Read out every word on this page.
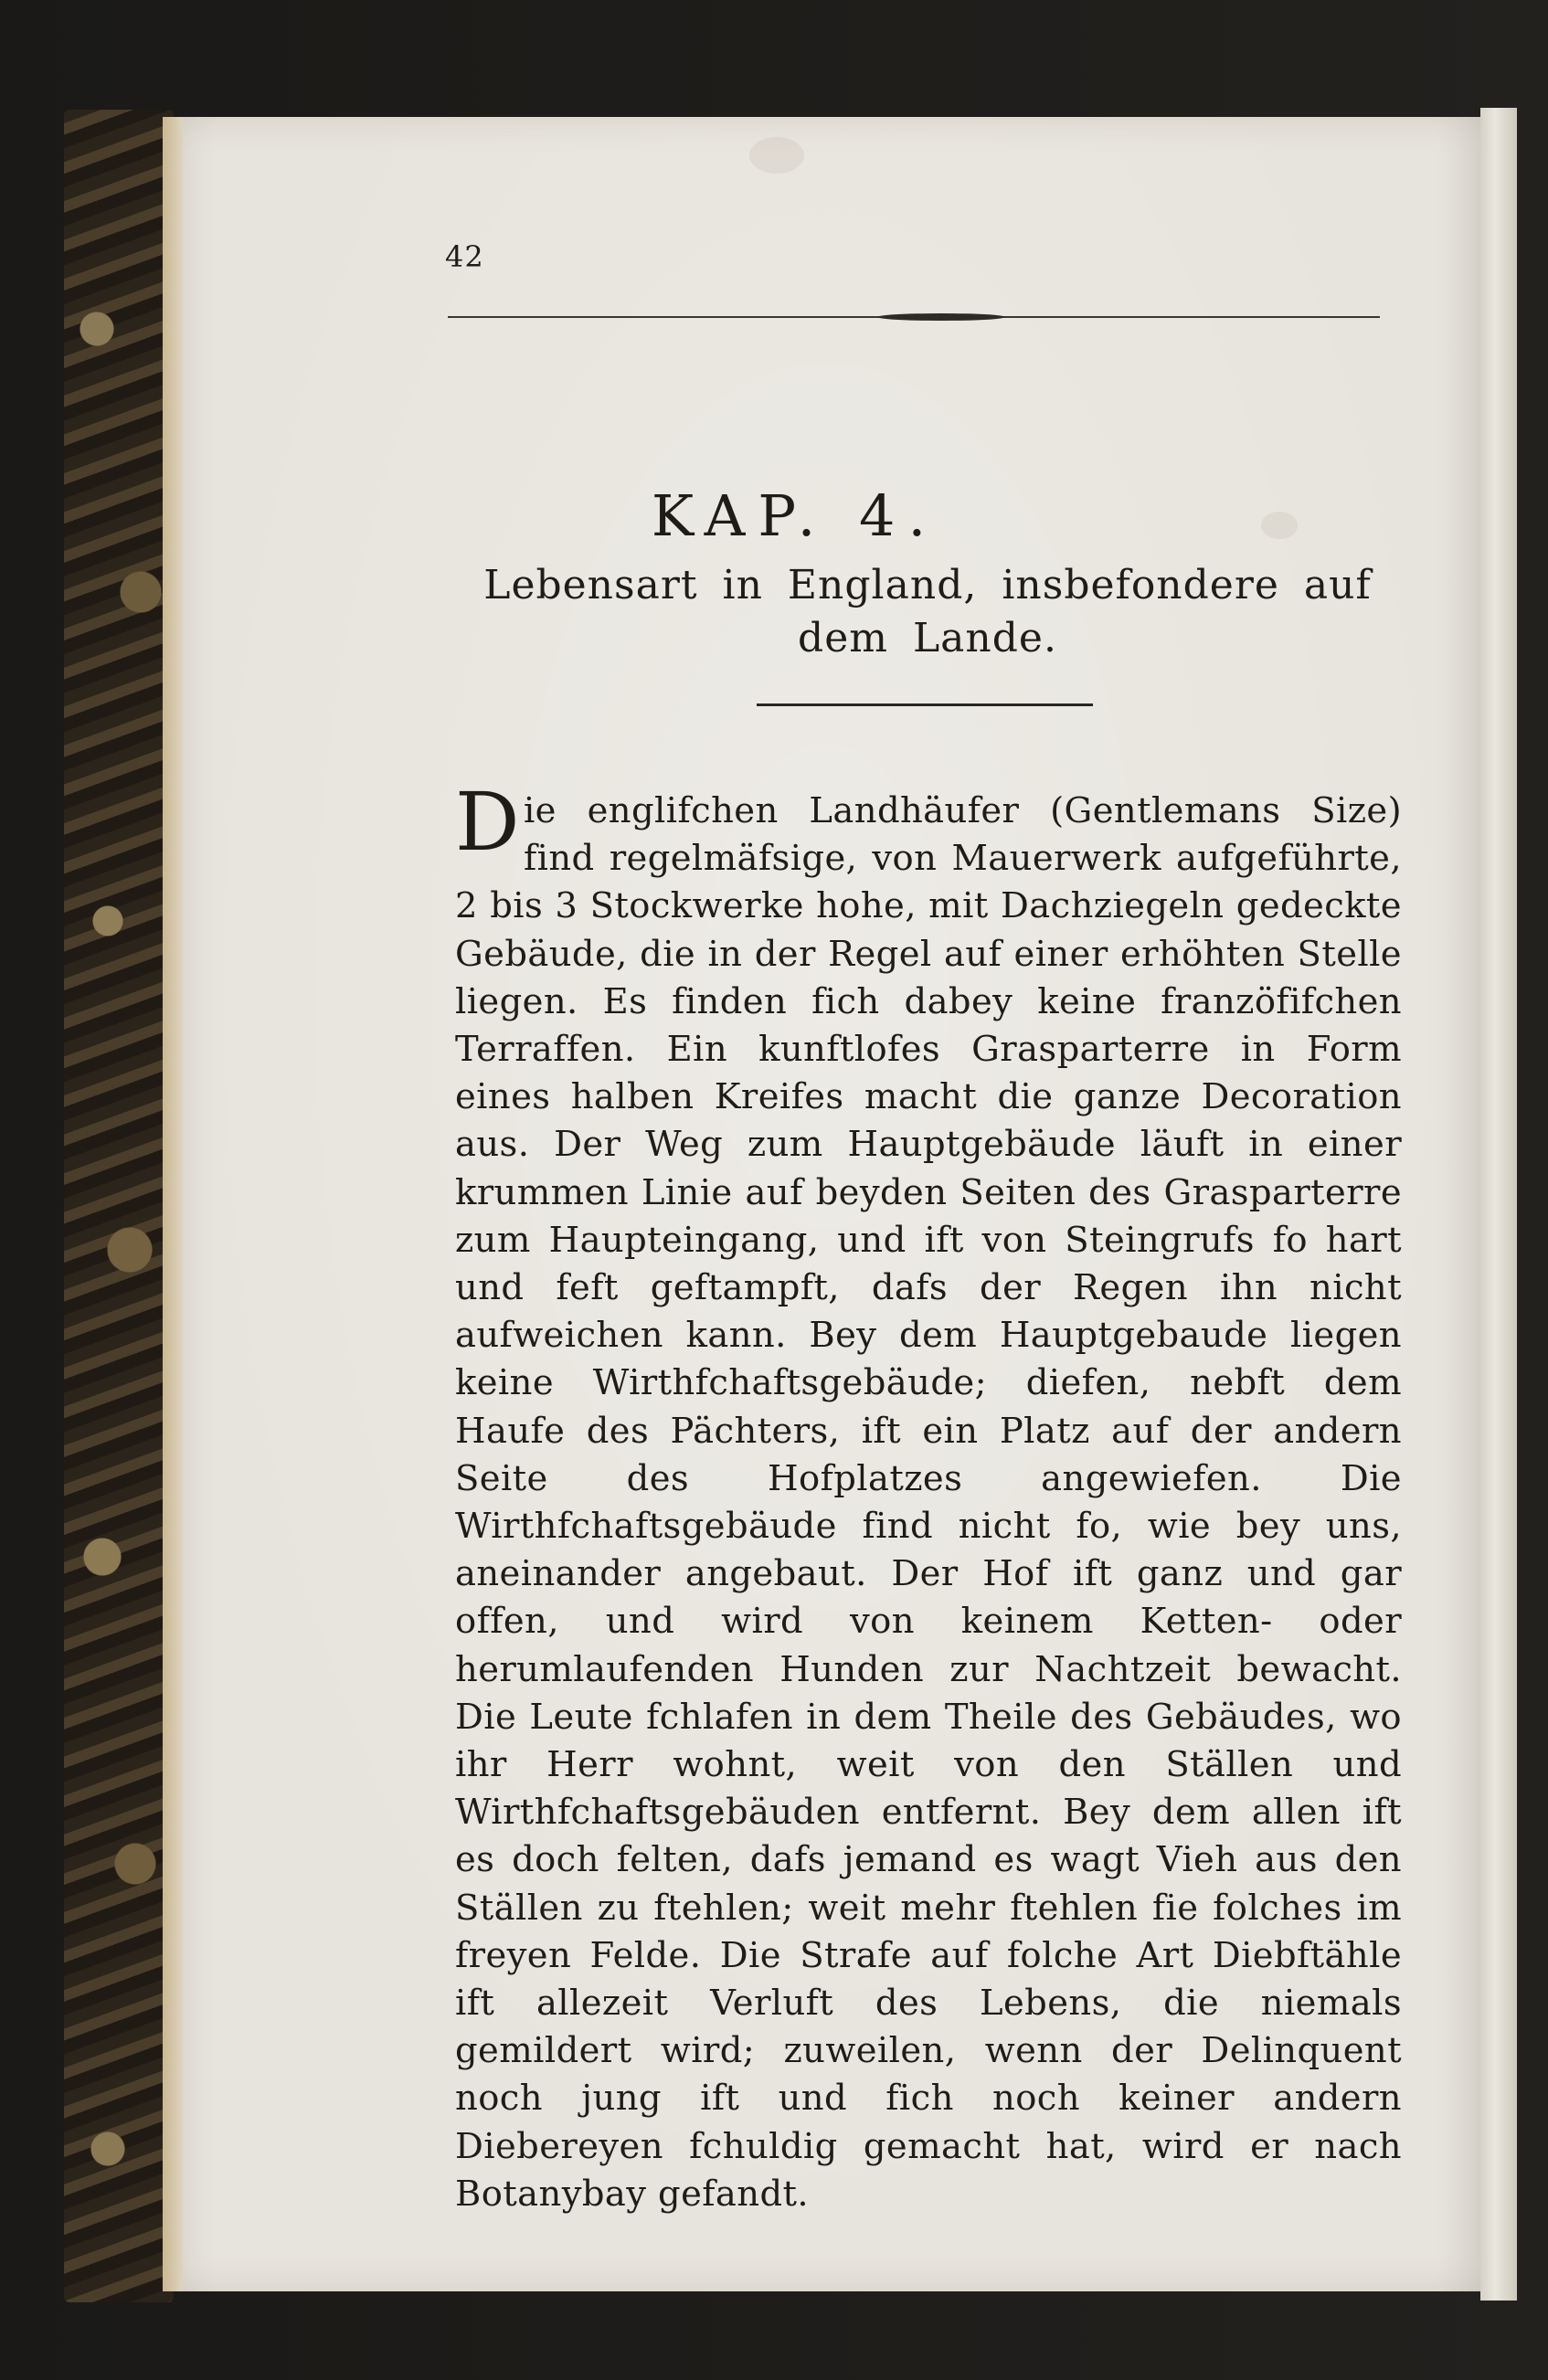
42
KAP. 4.
Lebensart in England, insbefondere auf dem Lande.
Die englifchen Landhäufer (Gentlemans Size) find regelmäfsige, von Mauerwerk aufgeführte, 2 bis 3 Stockwerke hohe, mit Dachziegeln gedeckte Gebäude, die in der Regel auf einer erhöhten Stelle liegen. Es finden fich dabey keine franzöfifchen Terraffen. Ein kunftlofes Grasparterre in Form eines halben Kreifes macht die ganze Decoration aus. Der Weg zum Hauptgebäude läuft in einer krummen Linie auf beyden Seiten des Grasparterre zum Haupteingang, und ift von Steingrufs fo hart und feft geftampft, dafs der Regen ihn nicht aufweichen kann. Bey dem Hauptgebaude liegen keine Wirthfchaftsgebäude; diefen, nebft dem Haufe des Pächters, ift ein Platz auf der andern Seite des Hofplatzes angewiefen. Die Wirthfchaftsgebäude find nicht fo, wie bey uns, aneinander angebaut. Der Hof ift ganz und gar offen, und wird von keinem Ketten- oder herumlaufenden Hunden zur Nachtzeit bewacht. Die Leute fchlafen in dem Theile des Gebäudes, wo ihr Herr wohnt, weit von den Ställen und Wirthfchaftsgebäuden entfernt. Bey dem allen ift es doch felten, dafs jemand es wagt Vieh aus den Ställen zu ftehlen; weit mehr ftehlen fie folches im freyen Felde. Die Strafe auf folche Art Diebftähle ift allezeit Verluft des Lebens, die niemals gemildert wird; zuweilen, wenn der Delinquent noch jung ift und fich noch keiner andern Diebereyen fchuldig gemacht hat, wird er nach Botanybay gefandt.
